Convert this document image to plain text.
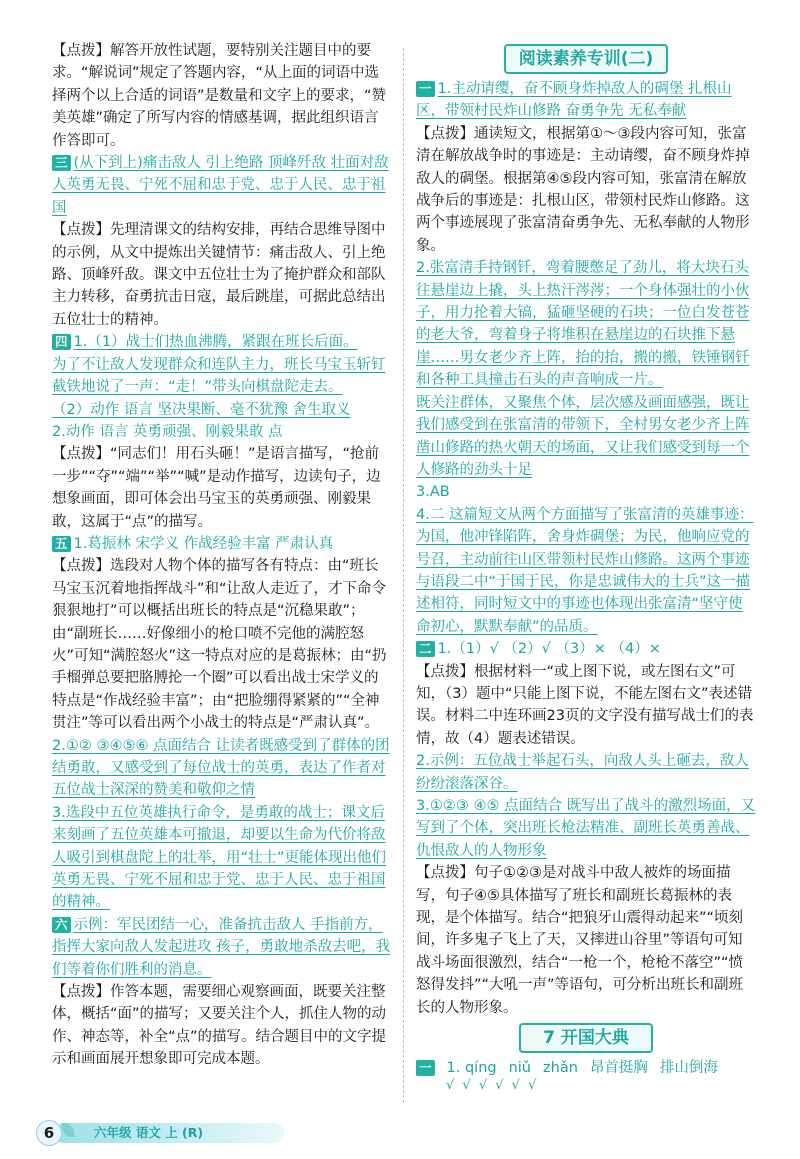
【点拨】解答开放性试题，要特别关注题目中的要求。“解说词”规定了答题内容，“从上面的词语中选择两个以上合适的词语”是数量和文字上的要求，“赞美英雄”确定了所写内容的情感基调，据此组织语言作答即可。

三 (从下到上)痛击敌人 引上绝路 顶峰歼敌 壮面对敌人英勇无畏、宁死不屈和忠于党、忠于人民、忠于祖国

【点拨】先理清课文的结构安排，再结合思维导图中的示例，从文中提炼出关键情节：痛击敌人、引上绝路、顶峰歼敌。课文中五位壮士为了掩护群众和部队主力转移，奋勇抗击日寇，最后跳崖，可据此总结出五位壮士的精神。

四 1.（1）战士们热血沸腾，紧跟在班长后面。

为了不让敌人发现群众和连队主力，班长马宝玉斩钉截铁地说了一声：“走！”带头向棋盘陀走去。

（2）动作 语言 坚决果断、毫不犹豫 舍生取义

2.动作 语言 英勇顽强、刚毅果敢 点

【点拨】“同志们！用石头砸！”是语言描写，“抢前一步”“夺”“端”“举”“喊”是动作描写，边读句子，边想象画面，即可体会出马宝玉的英勇顽强、刚毅果敢，这属于“点”的描写。

五 1.葛振林 宋学义 作战经验丰富 严肃认真

【点拨】选段对人物个体的描写各有特点：由“班长马宝玉沉着地指挥战斗”和“让敌人走近了，才下命令狠狠地打”可以概括出班长的特点是“沉稳果敢”；由“副班长……好像细小的枪口喷不完他的满腔怒火”可知“满腔怒火”这一特点对应的是葛振林；由“扔手榴弹总要把胳膊抡一个圈”可以看出战士宋学义的特点是“作战经验丰富”；由“把脸绷得紧紧的”“全神贯注”等可以看出两个小战士的特点是“严肃认真”。

2.①② ③④⑤⑥ 点面结合 让读者既感受到了群体的团结勇敢，又感受到了每位战士的英勇，表达了作者对五位战士深深的赞美和敬仰之情

3.选段中五位英雄执行命令，是勇敢的战士；课文后来刻画了五位英雄本可撤退，却要以生命为代价将敌人吸引到棋盘陀上的壮举，用“壮士”更能体现出他们英勇无畏、宁死不屈和忠于党、忠于人民、忠于祖国的精神。

六 示例：军民团结一心，准备抗击敌人 手指前方，指挥大家向敌人发起进攻 孩子，勇敢地杀敌去吧，我们等着你们胜利的消息。

【点拨】作答本题，需要细心观察画面，既要关注整体，概括“面”的描写；又要关注个人，抓住人物的动作、神态等，补全“点”的描写。结合题目中的文字提示和画面展开想象即可完成本题。

阅读素养专训(二)

一 1.主动请缨，奋不顾身炸掉敌人的碉堡 扎根山区，带领村民炸山修路 奋勇争先 无私奉献

【点拨】通读短文，根据第①～③段内容可知，张富清在解放战争时的事迹是：主动请缨，奋不顾身炸掉敌人的碉堡。根据第④⑤段内容可知，张富清在解放战争后的事迹是：扎根山区，带领村民炸山修路。这两个事迹展现了张富清奋勇争先、无私奉献的人物形象。

2.张富清手持钢钎，弯着腰憋足了劲儿，将大块石头往悬崖边上撬，头上热汗涔涔；一个身体强壮的小伙子，用力抡着大镐，猛砸坚硬的石块；一位白发苍苍的老大爷，弯着身子将堆积在悬崖边的石块推下悬崖……男女老少齐上阵，抬的抬，搬的搬，铁锤钢钎和各种工具撞击石头的声音响成一片。

既关注群体，又聚焦个体，层次感及画面感强，既让我们感受到在张富清的带领下，全村男女老少齐上阵凿山修路的热火朝天的场面，又让我们感受到每一个人修路的劲头十足

3.AB

4.二 这篇短文从两个方面描写了张富清的英雄事迹：为国，他冲锋陷阵，舍身炸碉堡；为民，他响应党的号召，主动前往山区带领村民炸山修路。这两个事迹与语段二中“于国于民，你是忠诚伟大的士兵”这一描述相符，同时短文中的事迹也体现出张富清“坚守使命初心，默默奉献”的品质。

二 1.（1）√ （2）√ （3）× （4）×

【点拨】根据材料一“或上图下说，或左图右文”可知，（3）题中“只能上图下说，不能左图右文”表述错误。材料二中连环画23页的文字没有描写战士们的表情，故（4）题表述错误。

2.示例：五位战士举起石头，向敌人头上砸去，敌人纷纷滚落深谷。

3.①②③ ④⑤ 点面结合 既写出了战斗的激烈场面，又写到了个体，突出班长枪法精准、副班长英勇善战、仇恨敌人的人物形象

【点拨】句子①②③是对战斗中敌人被炸的场面描写，句子④⑤具体描写了班长和副班长葛振林的表现，是个体描写。结合“把狼牙山震得动起来”“顷刻间，许多鬼子飞上了天，又摔进山谷里”等语句可知战斗场面很激烈，结合“一枪一个，枪枪不落空”“愤怒得发抖”“大吼一声”等语句，可分析出班长和副班长的人物形象。

7 开国大典

一 1. qíng niǔ zhǎn 昂首挺胸 排山倒海

√ √ √ √ √ √
六年级 语文 上 (R)
6
